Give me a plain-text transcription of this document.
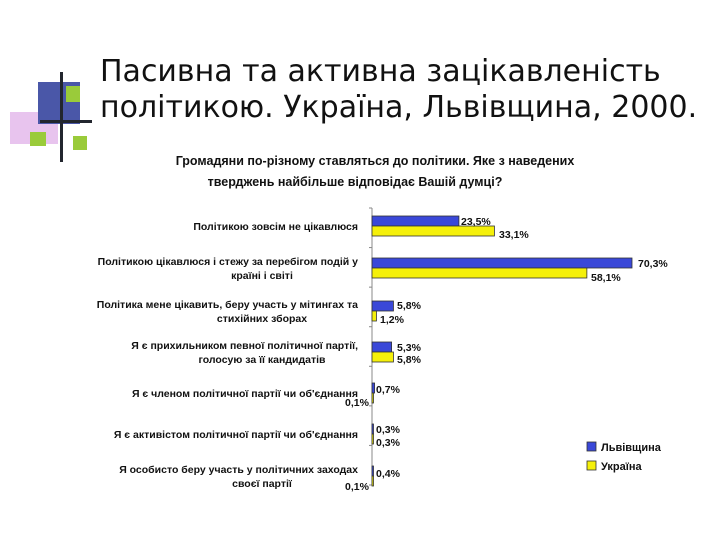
Пасивна та активна зацікавленість
політикою. Україна, Львівщина, 2000.
Громадяни по-різному ставляться до політики. Яке з наведених
тверджень найбільше відповідає Вашій думці?
Політикою зовсім не цікавлюся
Політикою цікавлюся і стежу за перебігом подій у
країні і світі
Політика мене цікавить, беру участь у мітингах та
стихійних зборах
Я є прихильником певної політичної партії,
голосую за її кандидатів
Я є членом політичної партії чи об'єднання
Я є активістом політичної партії чи об'єднання
Я особисто беру участь у політичних заходах
своєї партії
23,5%
33,1%
70,3%
58,1%
5,8%
1,2%
5,3%
5,8%
0,7%
0,1%
0,3%
0,3%
0,4%
0,1%
Львівщина
Україна
